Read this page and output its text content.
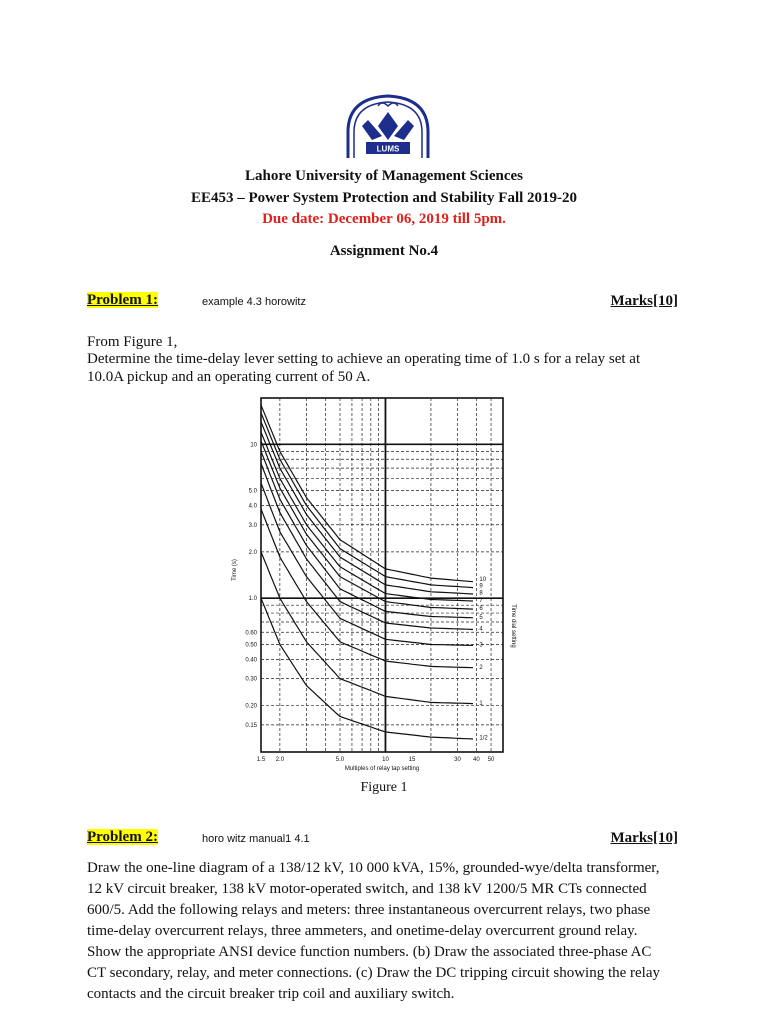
LUMS
Lahore University of Management Sciences
EE453 – Power System Protection and Stability Fall 2019-20
Due date: December 06, 2019 till 5pm.
Assignment No.4
Problem 1:	example 4.3 horowitz	Marks[10]
From Figure 1,
Determine the time-delay lever setting to achieve an operating time of 1.0 s for a relay set at
10.0A pickup and an operating current of 50 A.
10
5.0
4.0
3.0
2.0
1.0
0.60
0.50
0.40
0.30
0.20
0.15
1.5 2.0	5.0	10	15	30 40 50
10
9
8
7
6
5
4
3
2
1
1/2
Time (s)
Multiples of relay tap setting
Time dial setting
Figure 1
Problem 2:	horo witz manual1 4.1	Marks[10]
Draw the one-line diagram of a 138/12 kV, 10 000 kVA, 15%, grounded-wye/delta transformer,
12 kV circuit breaker, 138 kV motor-operated switch, and 138 kV 1200/5 MR CTs connected
600/5. Add the following relays and meters: three instantaneous overcurrent relays, two phase
time-delay overcurrent relays, three ammeters, and onetime-delay overcurrent ground relay.
Show the appropriate ANSI device function numbers. (b) Draw the associated three-phase AC
CT secondary, relay, and meter connections. (c) Draw the DC tripping circuit showing the relay
contacts and the circuit breaker trip coil and auxiliary switch.
